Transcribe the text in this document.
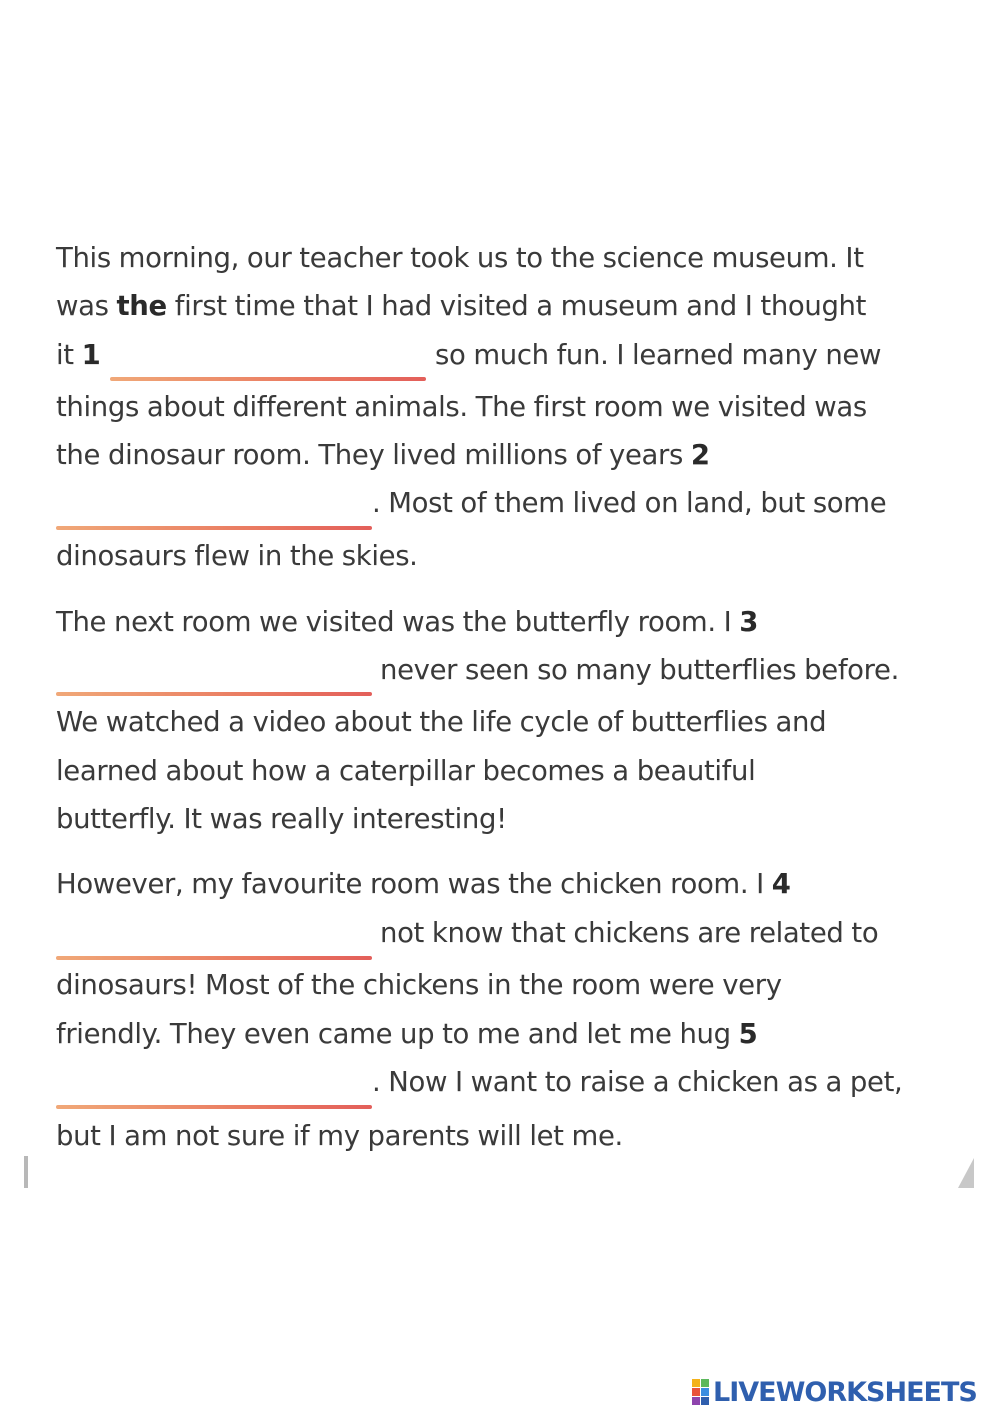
This morning, our teacher took us to the science museum. It
was the first time that I had visited a museum and I thought
it 1	so much fun. I learned many new
things about different animals. The first room we visited was
the dinosaur room. They lived millions of years 2
. Most of them lived on land, but some
dinosaurs flew in the skies.
The next room we visited was the butterfly room. I 3
never seen so many butterflies before.
We watched a video about the life cycle of butterflies and
learned about how a caterpillar becomes a beautiful
butterfly. It was really interesting!
However, my favourite room was the chicken room. I 4
not know that chickens are related to
dinosaurs! Most of the chickens in the room were very
friendly. They even came up to me and let me hug 5
. Now I want to raise a chicken as a pet,
but I am not sure if my parents will let me.
LIVEWORKSHEETS
